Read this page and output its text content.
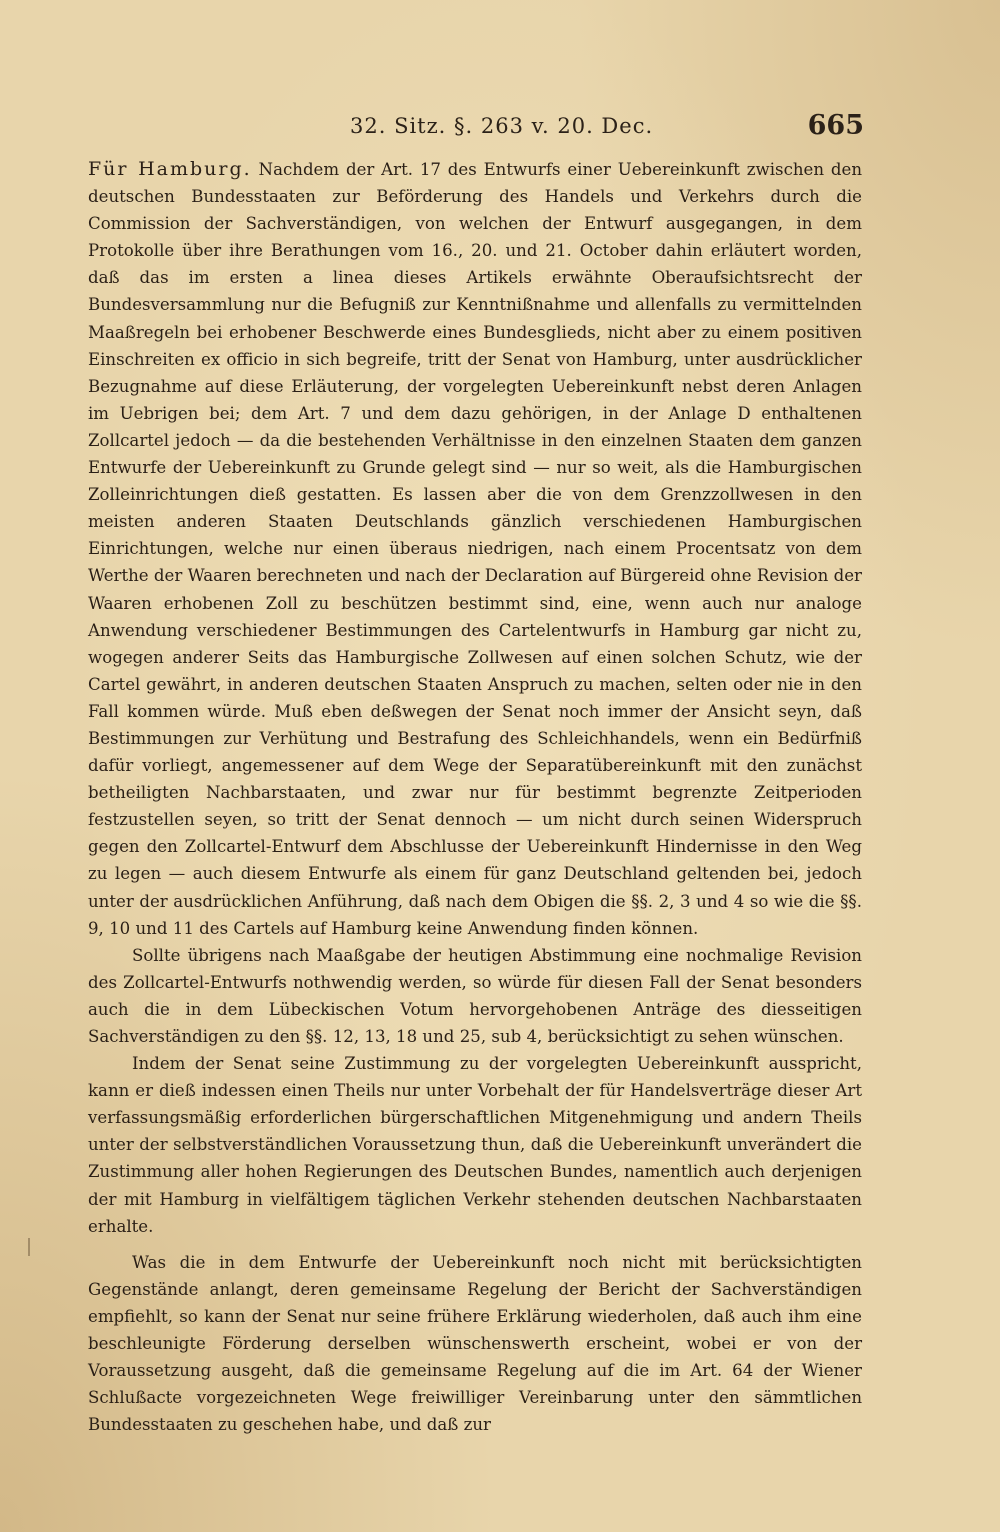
32. Sitz. §. 263 v. 20. Dec.	665

Für Hamburg. Nachdem der Art. 17 des Entwurfs einer Uebereinkunft zwischen den deutschen Bundesstaaten zur Beförderung des Handels und Verkehrs durch die Commission der Sachverständigen, von welchen der Entwurf ausgegangen, in dem Protokolle über ihre Berathungen vom 16., 20. und 21. October dahin erläutert worden, daß das im ersten a linea dieses Artikels erwähnte Oberaufsichtsrecht der Bundesversammlung nur die Befugniß zur Kenntnißnahme und allenfalls zu vermittelnden Maaßregeln bei erhobener Beschwerde eines Bundesglieds, nicht aber zu einem positiven Einschreiten ex officio in sich begreife, tritt der Senat von Hamburg, unter ausdrücklicher Bezugnahme auf diese Erläuterung, der vorgelegten Uebereinkunft nebst deren Anlagen im Uebrigen bei; dem Art. 7 und dem dazu gehörigen, in der Anlage D enthaltenen Zollcartel jedoch — da die bestehenden Verhältnisse in den einzelnen Staaten dem ganzen Entwurfe der Uebereinkunft zu Grunde gelegt sind — nur so weit, als die Hamburgischen Zolleinrichtungen dieß gestatten. Es lassen aber die von dem Grenzzollwesen in den meisten anderen Staaten Deutschlands gänzlich verschiedenen Hamburgischen Einrichtungen, welche nur einen überaus niedrigen, nach einem Procentsatz von dem Werthe der Waaren berechneten und nach der Declaration auf Bürgereid ohne Revision der Waaren erhobenen Zoll zu beschützen bestimmt sind, eine, wenn auch nur analoge Anwendung verschiedener Bestimmungen des Cartelentwurfs in Hamburg gar nicht zu, wogegen anderer Seits das Hamburgische Zollwesen auf einen solchen Schutz, wie der Cartel gewährt, in anderen deutschen Staaten Anspruch zu machen, selten oder nie in den Fall kommen würde. Muß eben deßwegen der Senat noch immer der Ansicht seyn, daß Bestimmungen zur Verhütung und Bestrafung des Schleichhandels, wenn ein Bedürfniß dafür vorliegt, angemessener auf dem Wege der Separatübereinkunft mit den zunächst betheiligten Nachbarstaaten, und zwar nur für bestimmt begrenzte Zeitperioden festzustellen seyen, so tritt der Senat dennoch — um nicht durch seinen Widerspruch gegen den Zollcartel-Entwurf dem Abschlusse der Uebereinkunft Hindernisse in den Weg zu legen — auch diesem Entwurfe als einem für ganz Deutschland geltenden bei, jedoch unter der ausdrücklichen Anführung, daß nach dem Obigen die §§. 2, 3 und 4 so wie die §§. 9, 10 und 11 des Cartels auf Hamburg keine Anwendung finden können.

Sollte übrigens nach Maaßgabe der heutigen Abstimmung eine nochmalige Revision des Zollcartel-Entwurfs nothwendig werden, so würde für diesen Fall der Senat besonders auch die in dem Lübeckischen Votum hervorgehobenen Anträge des diesseitigen Sachverständigen zu den §§. 12, 13, 18 und 25, sub 4, berücksichtigt zu sehen wünschen.

Indem der Senat seine Zustimmung zu der vorgelegten Uebereinkunft ausspricht, kann er dieß indessen einen Theils nur unter Vorbehalt der für Handelsverträge dieser Art verfassungsmäßig erforderlichen bürgerschaftlichen Mitgenehmigung und andern Theils unter der selbstverständlichen Voraussetzung thun, daß die Uebereinkunft unverändert die Zustimmung aller hohen Regierungen des Deutschen Bundes, namentlich auch derjenigen der mit Hamburg in vielfältigem täglichen Verkehr stehenden deutschen Nachbarstaaten erhalte.

Was die in dem Entwurfe der Uebereinkunft noch nicht mit berücksichtigten Gegenstände anlangt, deren gemeinsame Regelung der Bericht der Sachverständigen empfiehlt, so kann der Senat nur seine frühere Erklärung wiederholen, daß auch ihm eine beschleunigte Förderung derselben wünschenswerth erscheint, wobei er von der Voraussetzung ausgeht, daß die gemeinsame Regelung auf die im Art. 64 der Wiener Schlußacte vorgezeichneten Wege freiwilliger Vereinbarung unter den sämmtlichen Bundesstaaten zu geschehen habe, und daß zur
